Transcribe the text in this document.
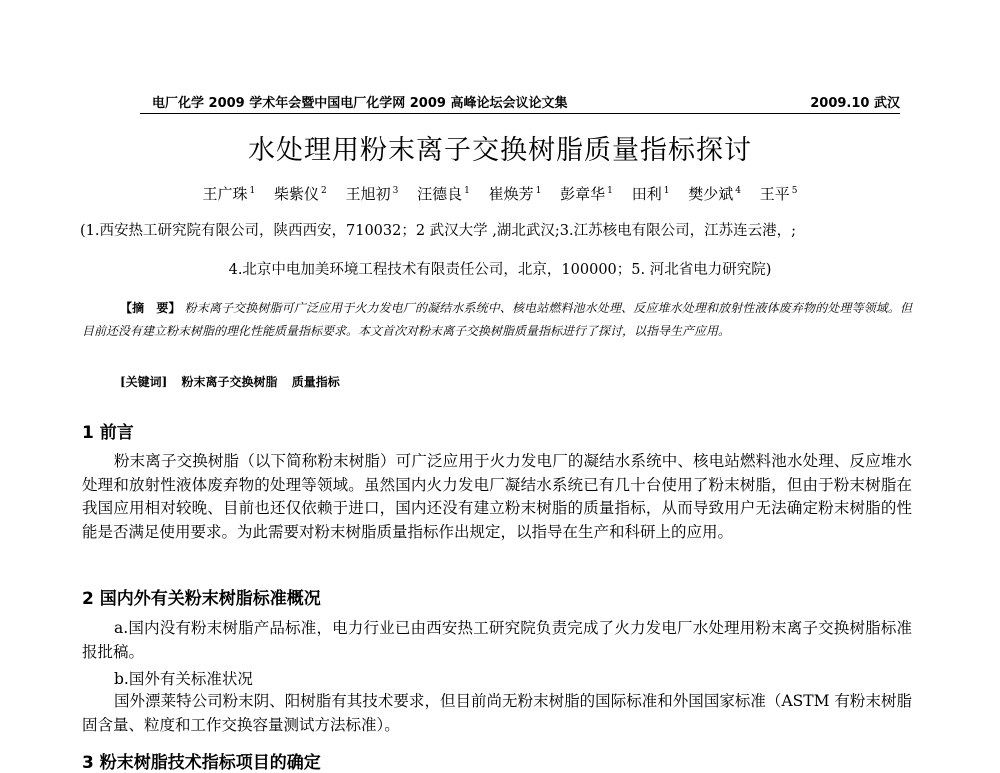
电厂化学 2009 学术年会暨中国电厂化学网 2009 高峰论坛会议论文集	2009.10 武汉
水处理用粉末离子交换树脂质量指标探讨
王广珠 $^1$ 柴紫仪 $^2$ 王旭初 $^3$ 汪德良 $^1$ 崔焕芳 $^1$ 彭章华 $^1$ 田利 $^1$ 樊少斌 $^4$ 王平 $^5$
(1.西安热工研究院有限公司，陕西西安，710032；2 武汉大学 ,湖北武汉;3.江苏核电有限公司，江苏连云港，;
4.北京中电加美环境工程技术有限责任公司，北京，100000；5. 河北省电力研究院)
【摘　要】 粉末离子交换树脂可广泛应用于火力发电厂的凝结水系统中、核电站燃料池水处理、反应堆水处理和放射性液体废弃物的处理等领域。但目前还没有建立粉末树脂的理化性能质量指标要求。本文首次对粉末离子交换树脂质量指标进行了探讨，以指导生产应用。
[关键词] 粉末离子交换树脂 质量指标
1 前言
粉末离子交换树脂（以下简称粉末树脂）可广泛应用于火力发电厂的凝结水系统中、核电站燃料池水处理、反应堆水处理和放射性液体废弃物的处理等领域。虽然国内火力发电厂凝结水系统已有几十台使用了粉末树脂，但由于粉末树脂在我国应用相对较晚、目前也还仅依赖于进口，国内还没有建立粉末树脂的质量指标，从而导致用户无法确定粉末树脂的性能是否满足使用要求。为此需要对粉末树脂质量指标作出规定，以指导在生产和科研上的应用。
2 国内外有关粉末树脂标准概况
a.国内没有粉末树脂产品标准，电力行业已由西安热工研究院负责完成了火力发电厂水处理用粉末离子交换树脂标准报批稿。
b.国外有关标准状况
国外漂莱特公司粉末阴、阳树脂有其技术要求，但目前尚无粉末树脂的国际标准和外国国家标准（ASTM 有粉末树脂固含量、粒度和工作交换容量测试方法标准）。
3 粉末树脂技术指标项目的确定
